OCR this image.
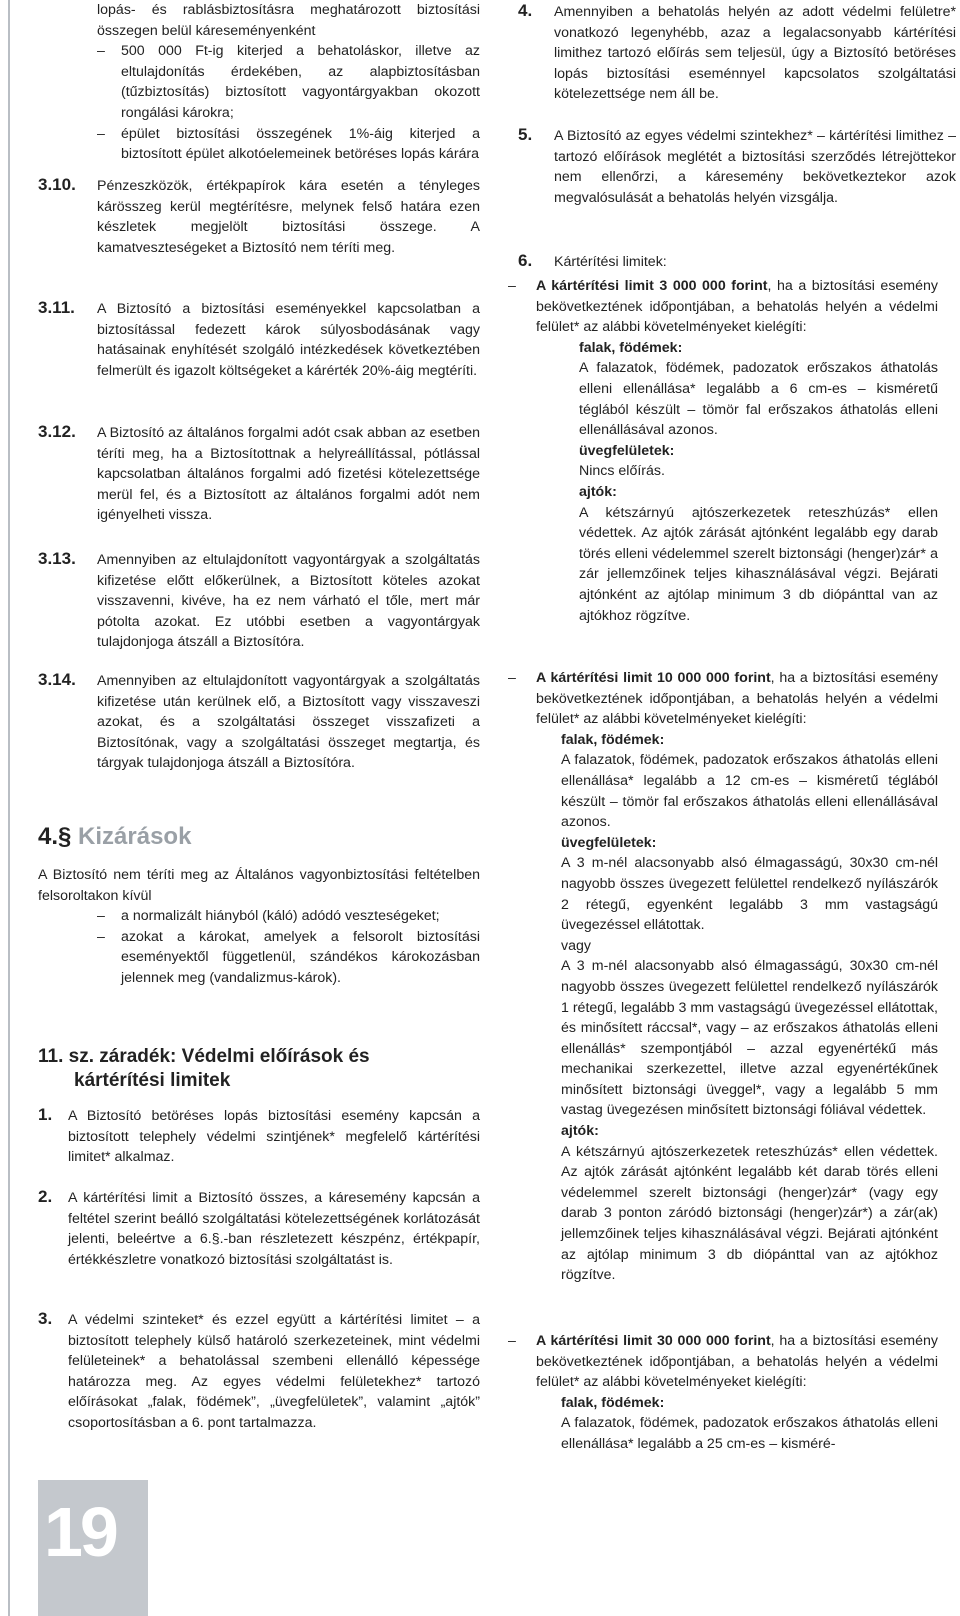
lopás- és rablásbiztosításra meghatározott biztosítási összegen belül káreseményenként

– 500 000 Ft-ig kiterjed a behatoláskor, illetve az eltulajdonítás érdekében, az alapbiztosításban (tűzbiztosítás) biztosított vagyontárgyakban okozott rongálási károkra;

– épület biztosítási összegének 1%-áig kiterjed a biztosított épület alkotóelemeinek betöréses lopás kárára

3.10. Pénzeszközök, értékpapírok kára esetén a tényleges kárösszeg kerül megtérítésre, melynek felső határa ezen készletek megjelölt biztosítási összege. A kamatveszteségeket a Biztosító nem téríti meg.

3.11. A Biztosító a biztosítási eseményekkel kapcsolatban a biztosítással fedezett károk súlyosbodásának vagy hatásainak enyhítését szolgáló intézkedések következtében felmerült és igazolt költségeket a kárérték 20%-áig megtéríti.

3.12. A Biztosító az általános forgalmi adót csak abban az esetben téríti meg, ha a Biztosítottnak a helyreállítással, pótlással kapcsolatban általános forgalmi adó fizetési kötelezettsége merül fel, és a Biztosított az általános forgalmi adót nem igényelheti vissza.

3.13. Amennyiben az eltulajdonított vagyontárgyak a szolgáltatás kifizetése előtt előkerülnek, a Biztosított köteles azokat visszavenni, kivéve, ha ez nem várható el tőle, mert már pótolta azokat. Ez utóbbi esetben a vagyontárgyak tulajdonjoga átszáll a Biztosítóra.

3.14. Amennyiben az eltulajdonított vagyontárgyak a szolgáltatás kifizetése után kerülnek elő, a Biztosított vagy visszaveszi azokat, és a szolgáltatási összeget visszafizeti a Biztosítónak, vagy a szolgáltatási összeget megtartja, és tárgyak tulajdonjoga átszáll a Biztosítóra.

4.§ Kizárások

A Biztosító nem téríti meg az Általános vagyonbiztosítási feltételben felsoroltakon kívül

– a normalizált hiányból (káló) adódó veszteségeket;

– azokat a károkat, amelyek a felsorolt biztosítási eseményektől függetlenül, szándékos károkozásban jelennek meg (vandalizmus-károk).

11. sz. záradék: Védelmi előírások és

kártérítési limitek

1. A Biztosító betöréses lopás biztosítási esemény kapcsán a biztosított telephely védelmi szintjének* megfelelő kártérítési limitet* alkalmaz.

2. A kártérítési limit a Biztosító összes, a káresemény kapcsán a feltétel szerint beálló szolgáltatási kötelezettségének korlátozását jelenti, beleértve a 6.§.-ban részletezett készpénz, értékpapír, értékkészletre vonatkozó biztosítási szolgáltatást is.

3. A védelmi szinteket* és ezzel együtt a kártérítési limitet – a biztosított telephely külső határoló szerkezeteinek, mint védelmi felületeinek* a behatolással szembeni ellenálló képessége határozza meg. Az egyes védelmi felületekhez* tartozó előírásokat „falak, födémek”, „üvegfelületek”, valamint „ajtók” csoportosításban a 6. pont tartalmazza.

4. Amennyiben a behatolás helyén az adott védelmi felületre* vonatkozó legenyhébb, azaz a legalacsonyabb kártérítési limithez tartozó előírás sem teljesül, úgy a Biztosító betöréses lopás biztosítási eseménnyel kapcsolatos szolgáltatási kötelezettsége nem áll be.

5. A Biztosító az egyes védelmi szintekhez* – kártérítési limithez – tartozó előírások meglétét a biztosítási szerződés létrejöttekor nem ellenőrzi, a káresemény bekövetkeztekor azok megvalósulását a behatolás helyén vizsgálja.

6. Kártérítési limitek:

– A kártérítési limit 3 000 000 forint, ha a biztosítási esemény bekövetkeztének időpontjában, a behatolás helyén a védelmi felület* az alábbi követelményeket kielégíti:

falak, födémek:

A falazatok, födémek, padozatok erőszakos áthatolás elleni ellenállása* legalább a 6 cm-es – kisméretű téglából készült – tömör fal erőszakos áthatolás elleni ellenállásával azonos.

üvegfelületek:

Nincs előírás.

ajtók:

A kétszárnyú ajtószerkezetek reteszhúzás* ellen védettek. Az ajtók zárását ajtónként legalább egy darab törés elleni védelemmel szerelt biztonsági (henger)zár* a zár jellemzőinek teljes kihasználásával végzi. Bejárati ajtónként az ajtólap minimum 3 db diópánttal van az ajtókhoz rögzítve.

– A kártérítési limit 10 000 000 forint, ha a biztosítási esemény bekövetkeztének időpontjában, a behatolás helyén a védelmi felület* az alábbi követelményeket kielégíti:

falak, födémek:

A falazatok, födémek, padozatok erőszakos áthatolás elleni ellenállása* legalább a 12 cm-es – kisméretű téglából készült – tömör fal erőszakos áthatolás elleni ellenállásával azonos.

üvegfelületek:

A 3 m-nél alacsonyabb alsó élmagasságú, 30x30 cm-nél nagyobb összes üvegezett felülettel rendelkező nyílászárók 2 rétegű, egyenként legalább 3 mm vastagságú üvegezéssel ellátottak.

vagy

A 3 m-nél alacsonyabb alsó élmagasságú, 30x30 cm-nél nagyobb összes üvegezett felülettel rendelkező nyílászárók 1 rétegű, legalább 3 mm vastagságú üvegezéssel ellátottak, és minősített ráccsal*, vagy – az erőszakos áthatolás elleni ellenállás* szempontjából – azzal egyenértékű más mechanikai szerkezettel, illetve azzal egyenértékűnek minősített biztonsági üveggel*, vagy a legalább 5 mm vastag üvegezésen minősített biztonsági fóliával védettek.

ajtók:

A kétszárnyú ajtószerkezetek reteszhúzás* ellen védettek. Az ajtók zárását ajtónként legalább két darab törés elleni védelemmel szerelt biztonsági (henger)zár* (vagy egy darab 3 ponton záródó biztonsági (henger)zár*) a zár(ak) jellemzőinek teljes kihasználásával végzi. Bejárati ajtónként az ajtólap minimum 3 db diópánttal van az ajtókhoz rögzítve.

– A kártérítési limit 30 000 000 forint, ha a biztosítási esemény bekövetkeztének időpontjában, a behatolás helyén a védelmi felület* az alábbi követelményeket kielégíti:

falak, födémek:

A falazatok, födémek, padozatok erőszakos áthatolás elleni ellenállása* legalább a 25 cm-es – kisméré-

19
